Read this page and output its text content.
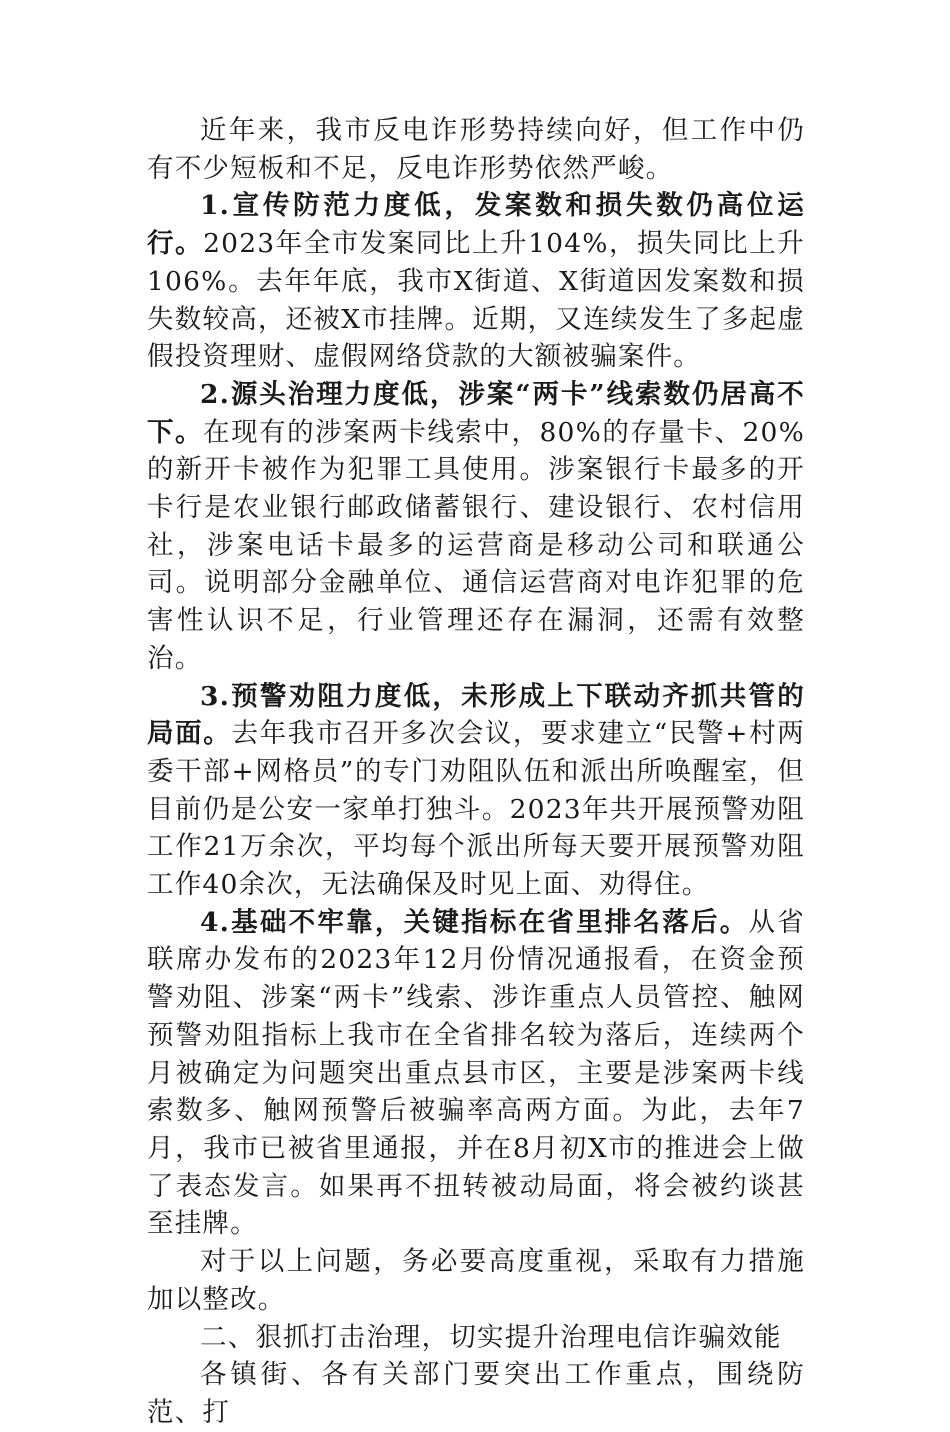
近年来，我市反电诈形势持续向好，但工作中仍有不少短板和不足，反电诈形势依然严峻。

1.宣传防范力度低，发案数和损失数仍高位运行。2023年全市发案同比上升104%，损失同比上升106%。去年年底，我市X街道、X街道因发案数和损失数较高，还被X市挂牌。近期，又连续发生了多起虚假投资理财、虚假网络贷款的大额被骗案件。

2.源头治理力度低，涉案“两卡”线索数仍居高不下。在现有的涉案两卡线索中，80%的存量卡、20%的新开卡被作为犯罪工具使用。涉案银行卡最多的开卡行是农业银行邮政储蓄银行、建设银行、农村信用社，涉案电话卡最多的运营商是移动公司和联通公司。说明部分金融单位、通信运营商对电诈犯罪的危害性认识不足，行业管理还存在漏洞，还需有效整治。

3.预警劝阻力度低，未形成上下联动齐抓共管的局面。去年我市召开多次会议，要求建立“民警+村两委干部+网格员”的专门劝阻队伍和派出所唤醒室，但目前仍是公安一家单打独斗。2023年共开展预警劝阻工作21万余次，平均每个派出所每天要开展预警劝阻工作40余次，无法确保及时见上面、劝得住。

4.基础不牢靠，关键指标在省里排名落后。从省联席办发布的2023年12月份情况通报看，在资金预警劝阻、涉案“两卡”线索、涉诈重点人员管控、触网预警劝阻指标上我市在全省排名较为落后，连续两个月被确定为问题突出重点县市区，主要是涉案两卡线索数多、触网预警后被骗率高两方面。为此，去年7月，我市已被省里通报，并在8月初X市的推进会上做了表态发言。如果再不扭转被动局面，将会被约谈甚至挂牌。

对于以上问题，务必要高度重视，采取有力措施加以整改。

二、狠抓打击治理，切实提升治理电信诈骗效能

各镇街、各有关部门要突出工作重点，围绕防范、打
